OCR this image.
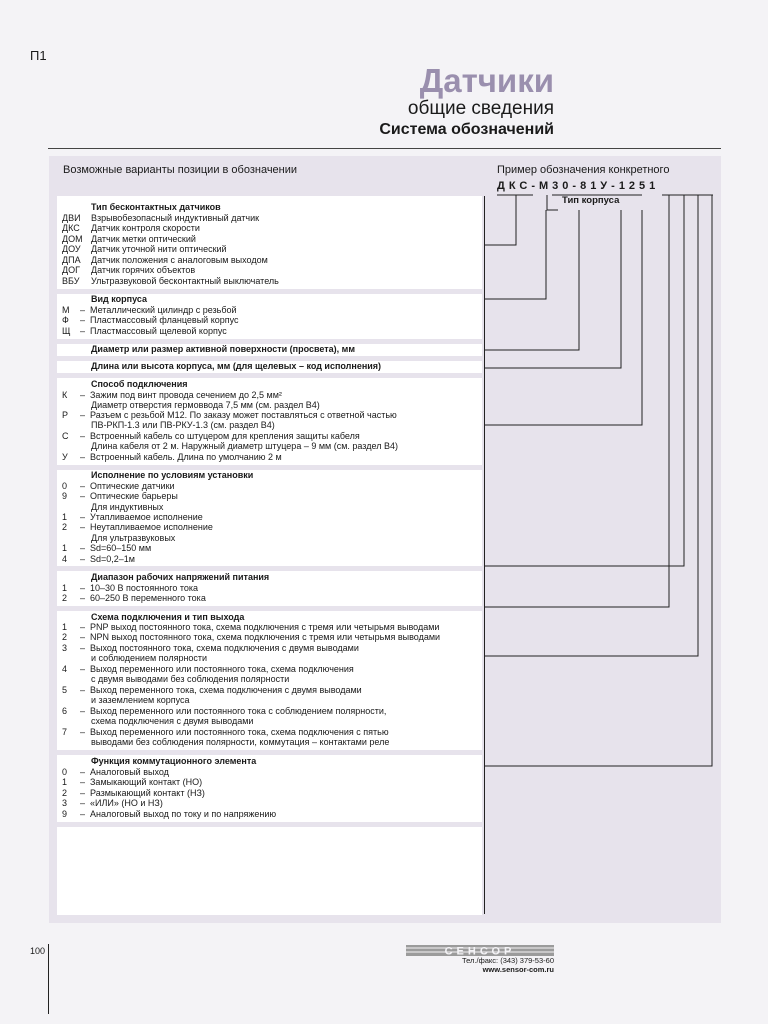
П1
Датчики
общие сведения
Система обозначений
Возможные варианты позиции в обозначении	Пример обозначения конкретного
ДКС-М30-81У-1251
Тип корпуса
Тип бесконтактных датчиков
ДВИ Взрывобезопасный индуктивный датчик
ДКС Датчик контроля скорости
ДОМ Датчик метки оптический
ДОУ Датчик уточной нити оптический
ДПА Датчик положения с аналоговым выходом
ДОГ Датчик горячих объектов
ВБУ Ультразвуковой бесконтактный выключатель
Вид корпуса
М – Металлический цилиндр с резьбой
Ф – Пластмассовый фланцевый корпус
Щ – Пластмассовый щелевой корпус
Диаметр или размер активной поверхности (просвета), мм
Длина или высота корпуса, мм (для щелевых – код исполнения)
Способ подключения
К – Зажим под винт провода сечением до 2,5 мм²
Диаметр отверстия гермоввода 7,5 мм (см. раздел В4)
Р – Разъем с резьбой М12. По заказу может поставляться с ответной частью
ПВ-РКП-1.3 или ПВ-РКУ-1.3 (см. раздел В4)
С – Встроенный кабель со штуцером для крепления защиты кабеля
Длина кабеля от 2 м. Наружный диаметр штуцера – 9 мм (см. раздел В4)
У – Встроенный кабель. Длина по умолчанию 2 м
Исполнение по условиям установки
0 – Оптические датчики
9 – Оптические барьеры
Для индуктивных
1 – Утапливаемое исполнение
2 – Неутапливаемое исполнение
Для ультразвуковых
1 – Sd=60–150 мм
4 – Sd=0,2–1м
Диапазон рабочих напряжений питания
1 – 10–30 В постоянного тока
2 – 60–250 В переменного тока
Схема подключения и тип выхода
1 – PNP выход постоянного тока, схема подключения с тремя или четырьмя выводами
2 – NPN выход постоянного тока, схема подключения с тремя или четырьмя выводами
3 – Выход постоянного тока, схема подключения с двумя выводами
и соблюдением полярности
4 – Выход переменного или постоянного тока, схема подключения
с двумя выводами без соблюдения полярности
5 – Выход переменного тока, схема подключения с двумя выводами
и заземлением корпуса
6 – Выход переменного или постоянного тока с соблюдением полярности,
схема подключения с двумя выводами
7 – Выход переменного или постоянного тока, схема подключения с пятью
выводами без соблюдения полярности, коммутация – контактами реле
Функция коммутационного элемента
0 – Аналоговый выход
1 – Замыкающий контакт (НО)
2 – Размыкающий контакт (НЗ)
3 – «ИЛИ» (НО и НЗ)
9 – Аналоговый выход по току и по напряжению
100	СЕНСОР
Тел./факс: (343) 379-53-60
www.sensor-com.ru
